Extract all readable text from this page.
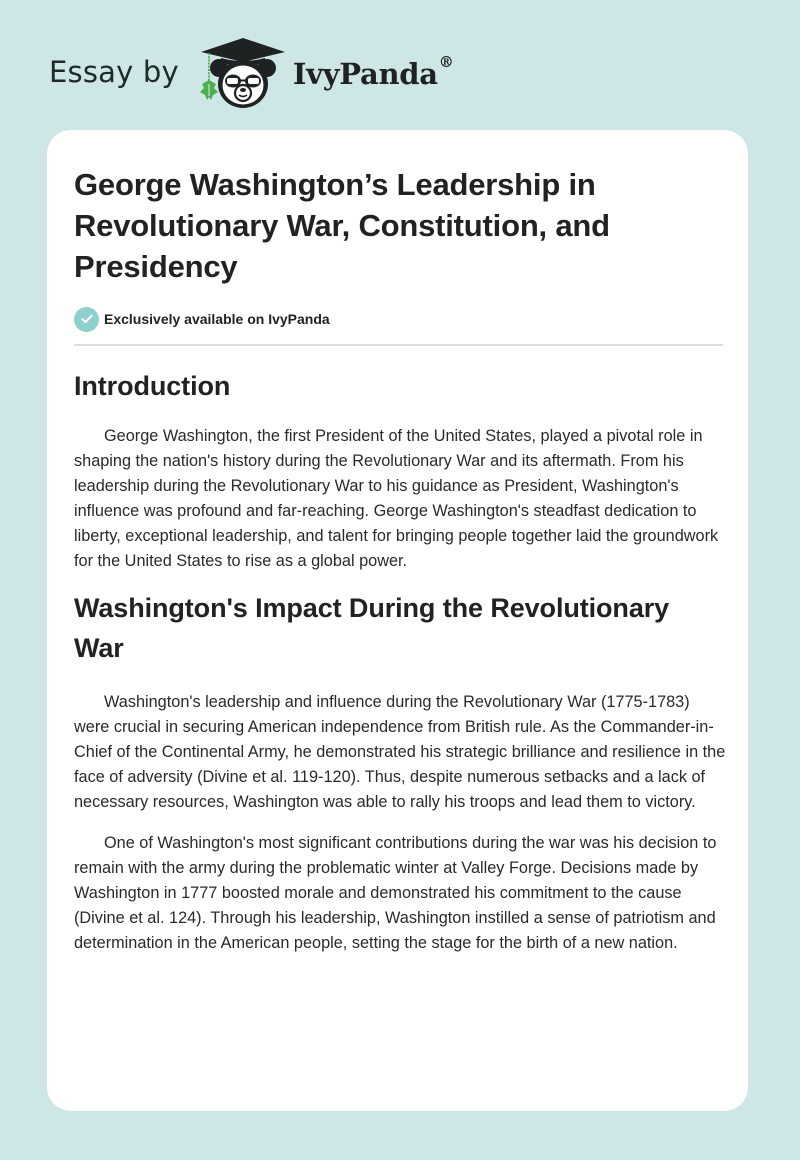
Essay by	IvyPanda®
George Washington’s Leadership in Revolutionary War, Constitution, and Presidency
Exclusively available on IvyPanda
Introduction

George Washington, the first President of the United States, played a pivotal role in shaping the nation's history during the Revolutionary War and its aftermath. From his leadership during the Revolutionary War to his guidance as President, Washington's influence was profound and far-reaching. George Washington's steadfast dedication to liberty, exceptional leadership, and talent for bringing people together laid the groundwork for the United States to rise as a global power.

Washington's Impact During the Revolutionary War

Washington's leadership and influence during the Revolutionary War (1775-1783) were crucial in securing American independence from British rule. As the Commander-in-Chief of the Continental Army, he demonstrated his strategic brilliance and resilience in the face of adversity (Divine et al. 119-120). Thus, despite numerous setbacks and a lack of necessary resources, Washington was able to rally his troops and lead them to victory.

One of Washington's most significant contributions during the war was his decision to remain with the army during the problematic winter at Valley Forge. Decisions made by Washington in 1777 boosted morale and demonstrated his commitment to the cause (Divine et al. 124). Through his leadership, Washington instilled a sense of patriotism and determination in the American people, setting the stage for the birth of a new nation.
